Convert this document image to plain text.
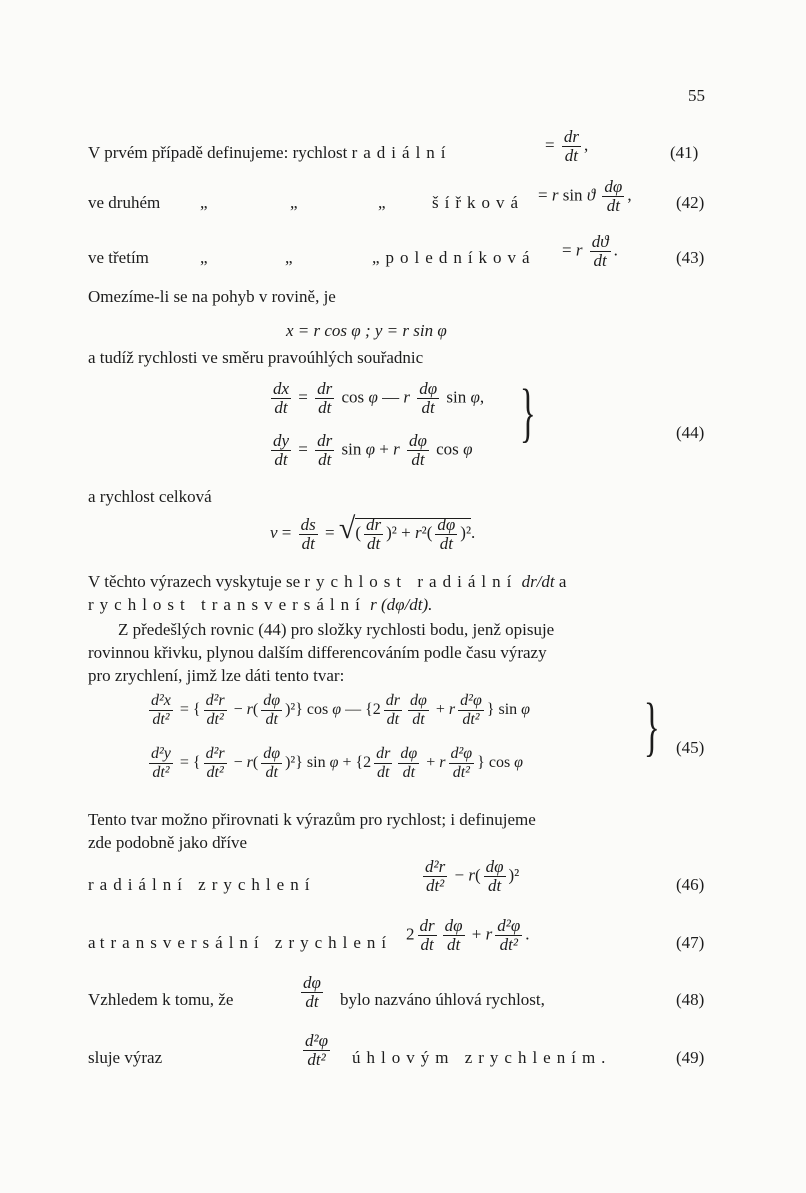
55
V prvém případě definujeme: rychlost radiální	= $\frac{dr}{dt}$ ,	(41)
ve druhém „	„	„	šířková = r sin ϑ $\frac{d\varphi}{dt}$ ,	(42)
ve třetím	„	„	„poledníková = r $\frac{dϑ}{dt}$ .	(43)
Omezíme-li se na pohyb v rovině, je
x = r cos φ ; y = r sin φ
a tudíž rychlosti ve směru pravoúhlých souřadnic
$\frac{dx}{dt} = \frac{dr}{dt}$ cos φ — r $\frac{d\varphi}{dt}$ sin φ,
$\frac{dy}{dt} = \frac{dr}{dt}$ sin φ + r $\frac{d\varphi}{dt}$ cos φ }	(44)
a rychlost celková
$v = \frac{ds}{dt}$ = √( $\frac{dr}{dt} )^2 + r^2( \frac{d\varphi}{dt} )^2$.
V těchto výrazech vyskytuje se rychlost radiální dr/dt a
rychlost transversální r (dφ/dt).
Z předešlých rovnic (44) pro složky rychlosti bodu, jenž opisuje
rovinnou křivku, plynou dalším differencováním podle času výrazy
pro zrychlení, jimž lze dáti tento tvar:
$\frac{\text{d²x}}{\text{dt²}}$ = { $\frac{\text{d²r}}{\text{dt²}} - r( \frac{d\varphi}{dt} )^2$} cos φ — {$2 \frac{dr}{dt} \frac{d\varphi}{dt} + r \frac{\text{d²φ}}{\text{dt²}}$ } sin φ
$\frac{\text{d²y}}{\text{dt²}}$ = { $\frac{\text{d²r}}{\text{dt²}} - r( \frac{d\varphi}{dt} )^2$} $\sin \varphi + \{2 \frac{dr}{dt} \frac{d\varphi}{dt} + r \frac{\text{d²φ}}{\text{dt²}}$ } cos φ } (45)
Tento tvar možno přirovnati k výrazům pro rychlost; i definujeme
zde podobně jako dříve
radiální zrychlení	$\frac{\text{d²r}}{\text{dt²}} - r( \frac{d\varphi}{dt} )^2$
(46)
a transversální zrychlení $2 \frac{dr}{dt} \frac{d\varphi}{dt} + r \frac{\text{d²φ}}{\text{dt²}}$ .	(47)
Vzhledem k tomu, že	$\frac{d\varphi}{dt}$ bylo nazváno úhlová rychlost,	(48)
sluje výraz	$\frac{\text{d²φ}}{\text{dt²}}$ úhlovým zrychlením.	(49)
